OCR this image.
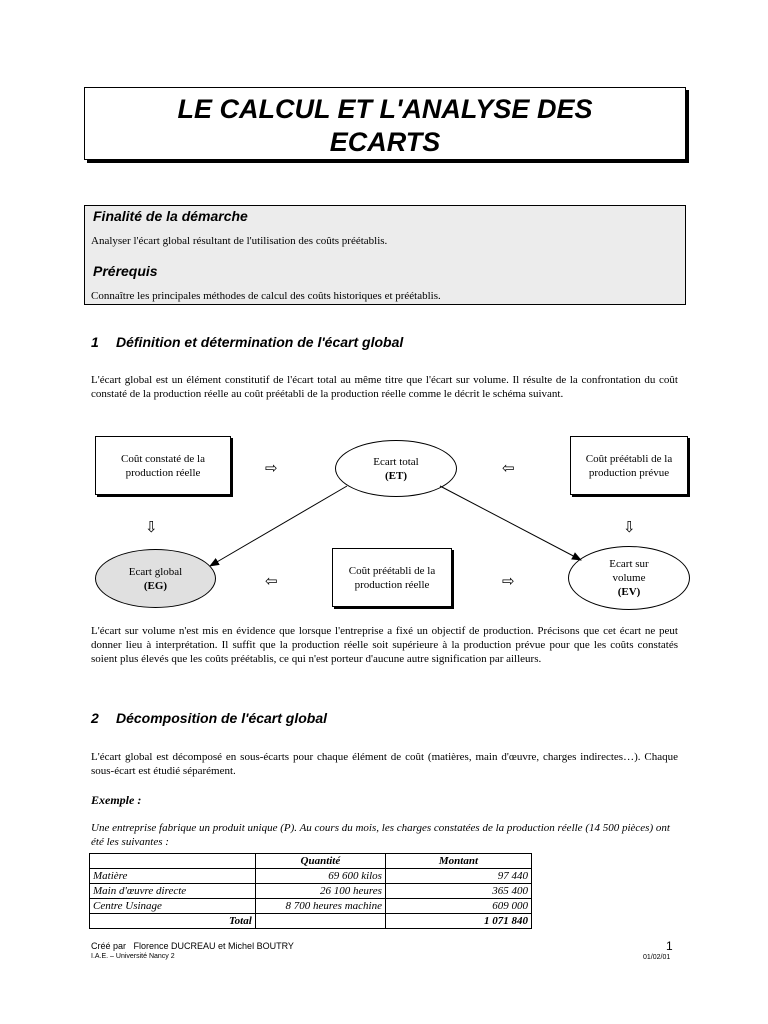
LE CALCUL ET L'ANALYSE DES
ECARTS
Finalité de la démarche
Analyser l'écart global résultant de l'utilisation des coûts préétablis.
Prérequis
Connaître les principales méthodes de calcul des coûts historiques et préétablis.
1 Définition et détermination de l'écart global
L'écart global est un élément constitutif de l'écart total au même titre que l'écart sur volume. Il résulte de la confrontation du coût constaté de la production réelle au coût préétabli de la production réelle comme le décrit le schéma suivant.
Coût constaté de la production réelle
Ecart total
(ET)
Coût préétabli de la production prévue
⇨	⇦
⇩	⇩
Ecart global
(EG)
Coût préétabli de la production réelle
Ecart sur
volume
(EV)
⇦	⇨
L'écart sur volume n'est mis en évidence que lorsque l'entreprise a fixé un objectif de production. Précisons que cet écart ne peut donner lieu à interprétation. Il suffit que la production réelle soit supérieure à la production prévue pour que les coûts constatés soient plus élevés que les coûts préétablis, ce qui n'est porteur d'aucune autre signification par ailleurs.
2 Décomposition de l'écart global
L'écart global est décomposé en sous-écarts pour chaque élément de coût (matières, main d'œuvre, charges indirectes…). Chaque sous-écart est étudié séparément.
Exemple :
Une entreprise fabrique un produit unique (P). Au cours du mois, les charges constatées de la production réelle (14 500 pièces) ont été les suivantes :
	Quantité	Montant
Matière	69 600 kilos	97 440
Main d'œuvre directe	26 100 heures	365 400
Centre Usinage	8 700 heures machine	609 000
Total		1 071 840
Créé par Florence DUCREAU et Michel BOUTRY
I.A.E. – Université Nancy 2
1
01/02/01
